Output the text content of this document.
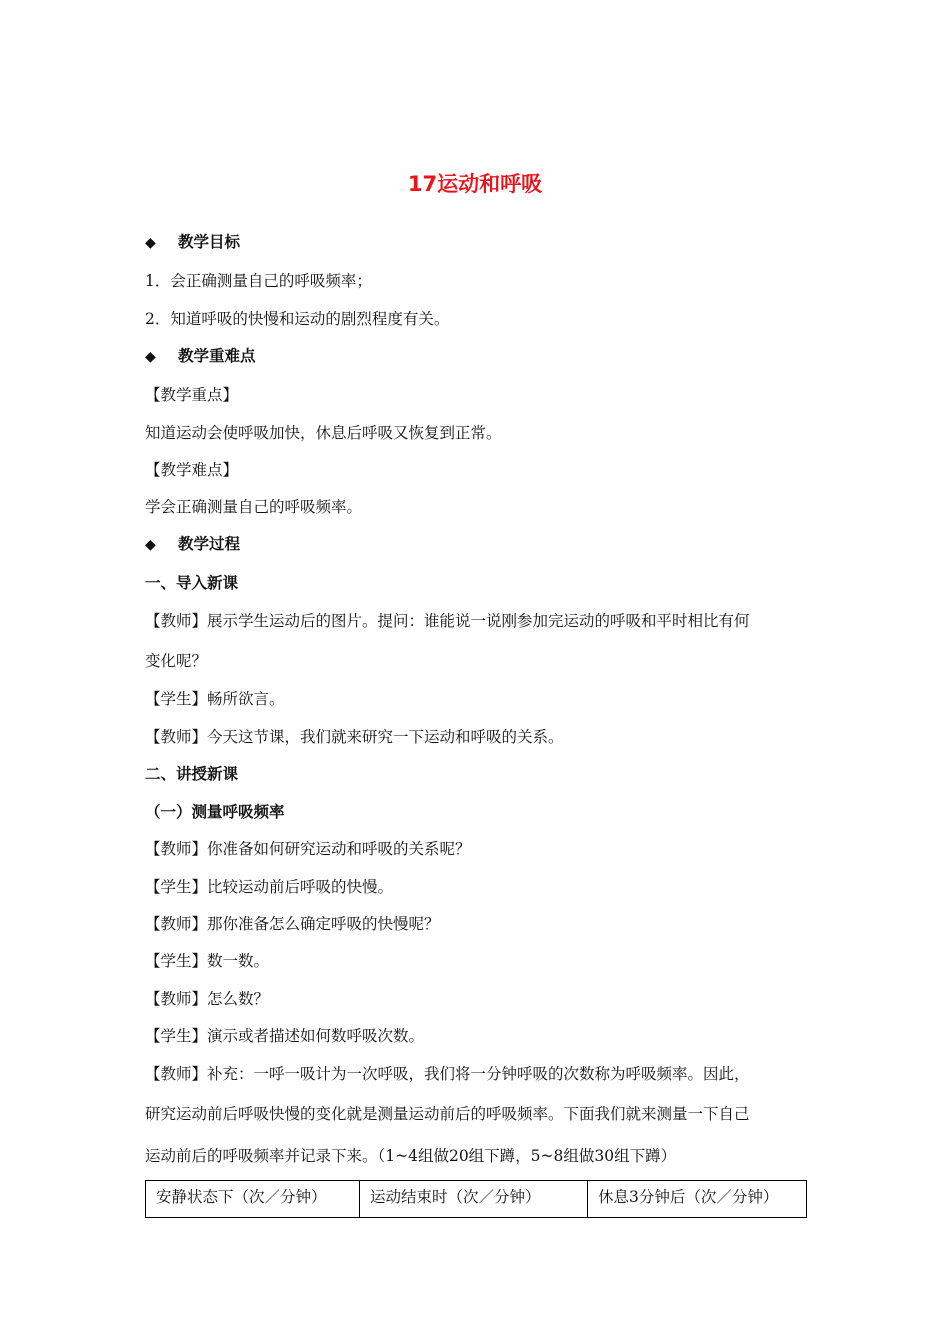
17运动和呼吸
◆ 教学目标
1．会正确测量自己的呼吸频率；
2．知道呼吸的快慢和运动的剧烈程度有关。
◆ 教学重难点
【教学重点】
知道运动会使呼吸加快，休息后呼吸又恢复到正常。
【教学难点】
学会正确测量自己的呼吸频率。
◆ 教学过程
一、导入新课
【教师】展示学生运动后的图片。提问：谁能说一说刚参加完运动的呼吸和平时相比有何
变化呢？
【学生】畅所欲言。
【教师】今天这节课，我们就来研究一下运动和呼吸的关系。
二、讲授新课
（一）测量呼吸频率
【教师】你准备如何研究运动和呼吸的关系呢？
【学生】比较运动前后呼吸的快慢。
【教师】那你准备怎么确定呼吸的快慢呢？
【学生】数一数。
【教师】怎么数？
【学生】演示或者描述如何数呼吸次数。
【教师】补充：一呼一吸计为一次呼吸，我们将一分钟呼吸的次数称为呼吸频率。因此，
研究运动前后呼吸快慢的变化就是测量运动前后的呼吸频率。下面我们就来测量一下自己
运动前后的呼吸频率并记录下来。（1~4组做20组下蹲，5~8组做30组下蹲）
安静状态下（次／分钟）	运动结束时（次／分钟）	休息3分钟后（次／分钟）
